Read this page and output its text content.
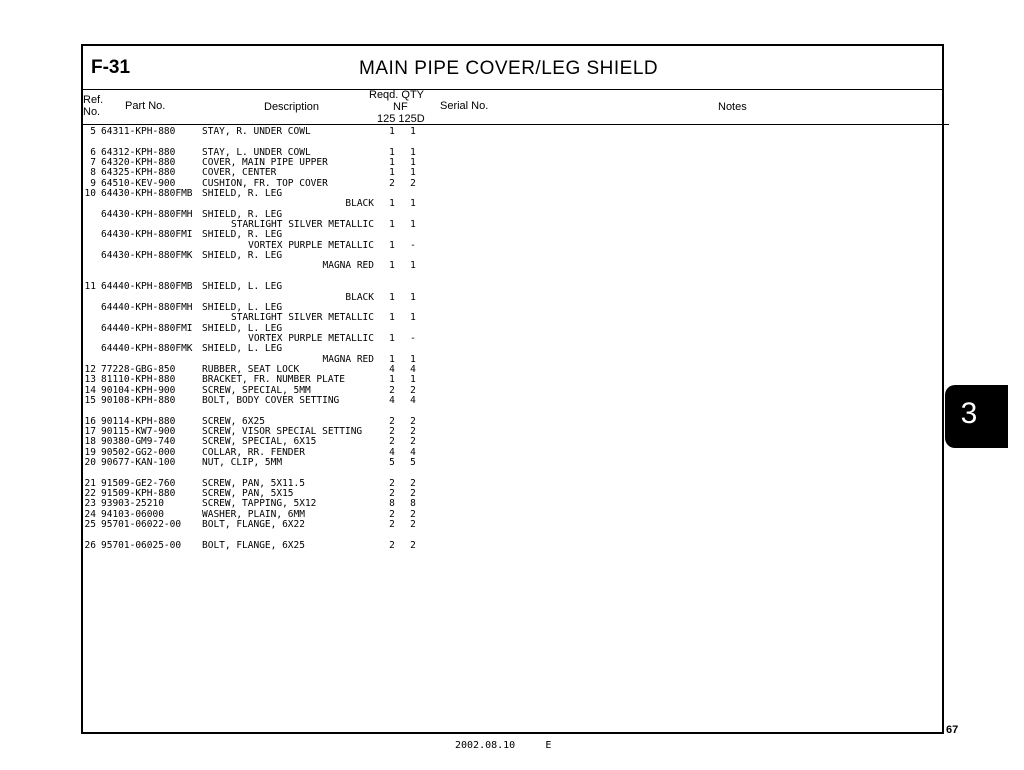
F-31	MAIN PIPE COVER/LEG SHIELD
Ref.
No. Part No.	Description
Reqd. QTY
NF
125 125D
Serial No.	Notes
5 64311-KPH-880	STAY, R. UNDER COWL	1	1
6 64312-KPH-880	STAY, L. UNDER COWL	1	1
7 64320-KPH-880	COVER, MAIN PIPE UPPER	1	1
8 64325-KPH-880	COVER, CENTER	1	1
9 64510-KEV-900	CUSHION, FR. TOP COVER	2	2
10 64430-KPH-880FMB SHIELD, R. LEG
BLACK	1	1
64430-KPH-880FMH SHIELD, R. LEG
STARLIGHT SILVER METALLIC	1	1
64430-KPH-880FMI SHIELD, R. LEG
VORTEX PURPLE METALLIC	1	-
64430-KPH-880FMK SHIELD, R. LEG
MAGNA RED	1	1
11 64440-KPH-880FMB SHIELD, L. LEG
BLACK	1	1
64440-KPH-880FMH SHIELD, L. LEG
STARLIGHT SILVER METALLIC	1	1
64440-KPH-880FMI SHIELD, L. LEG
VORTEX PURPLE METALLIC	1	-
64440-KPH-880FMK SHIELD, L. LEG
MAGNA RED	1	1
12 77228-GBG-850	RUBBER, SEAT LOCK	4	4
13 81110-KPH-880	BRACKET, FR. NUMBER PLATE	1	1
14 90104-KPH-900	SCREW, SPECIAL, 5MM	2	2
15 90108-KPH-880	BOLT, BODY COVER SETTING	4	4
16 90114-KPH-880	SCREW, 6X25	2	2
17 90115-KW7-900	SCREW, VISOR SPECIAL SETTING	2	2
18 90380-GM9-740	SCREW, SPECIAL, 6X15	2	2
19 90502-GG2-000	COLLAR, RR. FENDER	4	4
20 90677-KAN-100	NUT, CLIP, 5MM	5	5
21 91509-GE2-760	SCREW, PAN, 5X11.5	2	2
22 91509-KPH-880	SCREW, PAN, 5X15	2	2
23 93903-25210	SCREW, TAPPING, 5X12	8	8
24 94103-06000	WASHER, PLAIN, 6MM	2	2
25 95701-06022-00 BOLT, FLANGE, 6X22	2	2
26 95701-06025-00 BOLT, FLANGE, 6X25	2	2
3
67
2002.08.10	E
